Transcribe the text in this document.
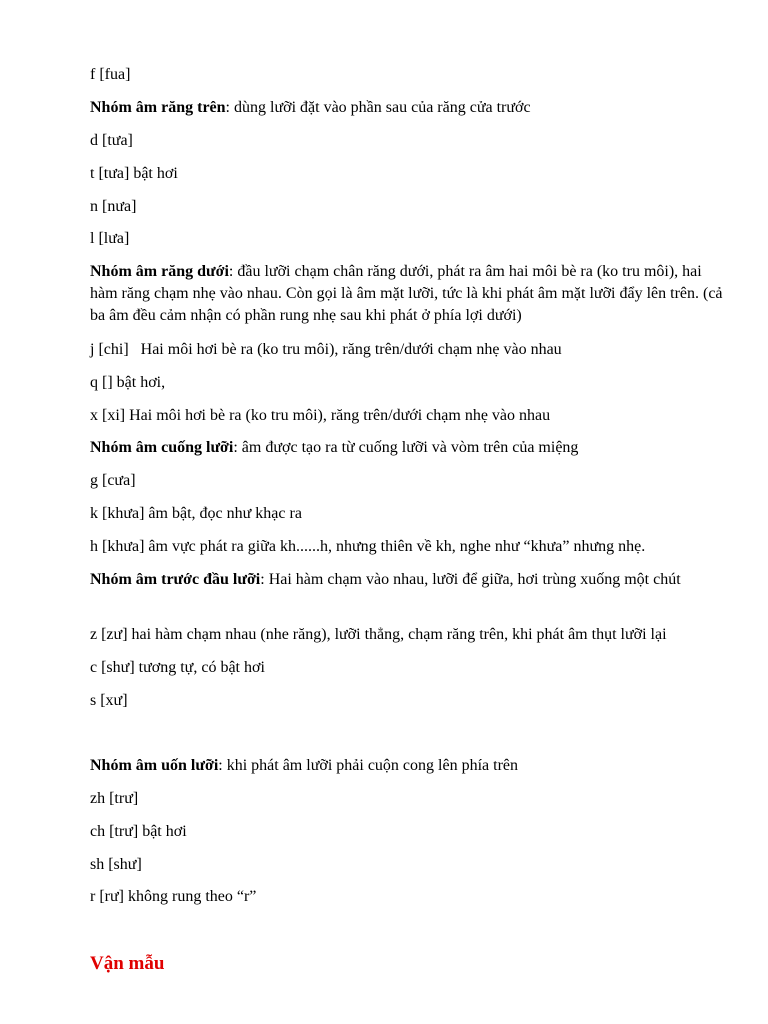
f [fua]

Nhóm âm răng trên: dùng lưỡi đặt vào phần sau của răng cửa trước

d [tưa]

t [tưa] bật hơi

n [nưa]

l [lưa]

Nhóm âm răng dưới: đầu lưỡi chạm chân răng dưới, phát ra âm hai môi bè ra (ko tru môi), hai hàm răng chạm nhẹ vào nhau. Còn gọi là âm mặt lưỡi, tức là khi phát âm mặt lưỡi đẩy lên trên. (cả ba âm đều cảm nhận có phần rung nhẹ sau khi phát ở phía lợi dưới)

j [chi]   Hai môi hơi bè ra (ko tru môi), răng trên/dưới chạm nhẹ vào nhau

q [] bật hơi,

x [xi] Hai môi hơi bè ra (ko tru môi), răng trên/dưới chạm nhẹ vào nhau

Nhóm âm cuống lưỡi: âm được tạo ra từ cuống lưỡi và vòm trên của miệng

g [cưa]

k [khưa] âm bật, đọc như khạc ra

h [khưa] âm vực phát ra giữa kh......h, nhưng thiên về kh, nghe như “khưa” nhưng nhẹ.

Nhóm âm trước đầu lưỡi: Hai hàm chạm vào nhau, lưỡi để giữa, hơi trùng xuống một chút

z [zư] hai hàm chạm nhau (nhe răng), lưỡi thẳng, chạm răng trên, khi phát âm thụt lưỡi lại

c [shư] tương tự, có bật hơi

s [xư]

Nhóm âm uốn lưỡi: khi phát âm lưỡi phải cuộn cong lên phía trên

zh [trư]

ch [trư] bật hơi

sh [shư]

r [rư] không rung theo “r”

Vận mẫu
